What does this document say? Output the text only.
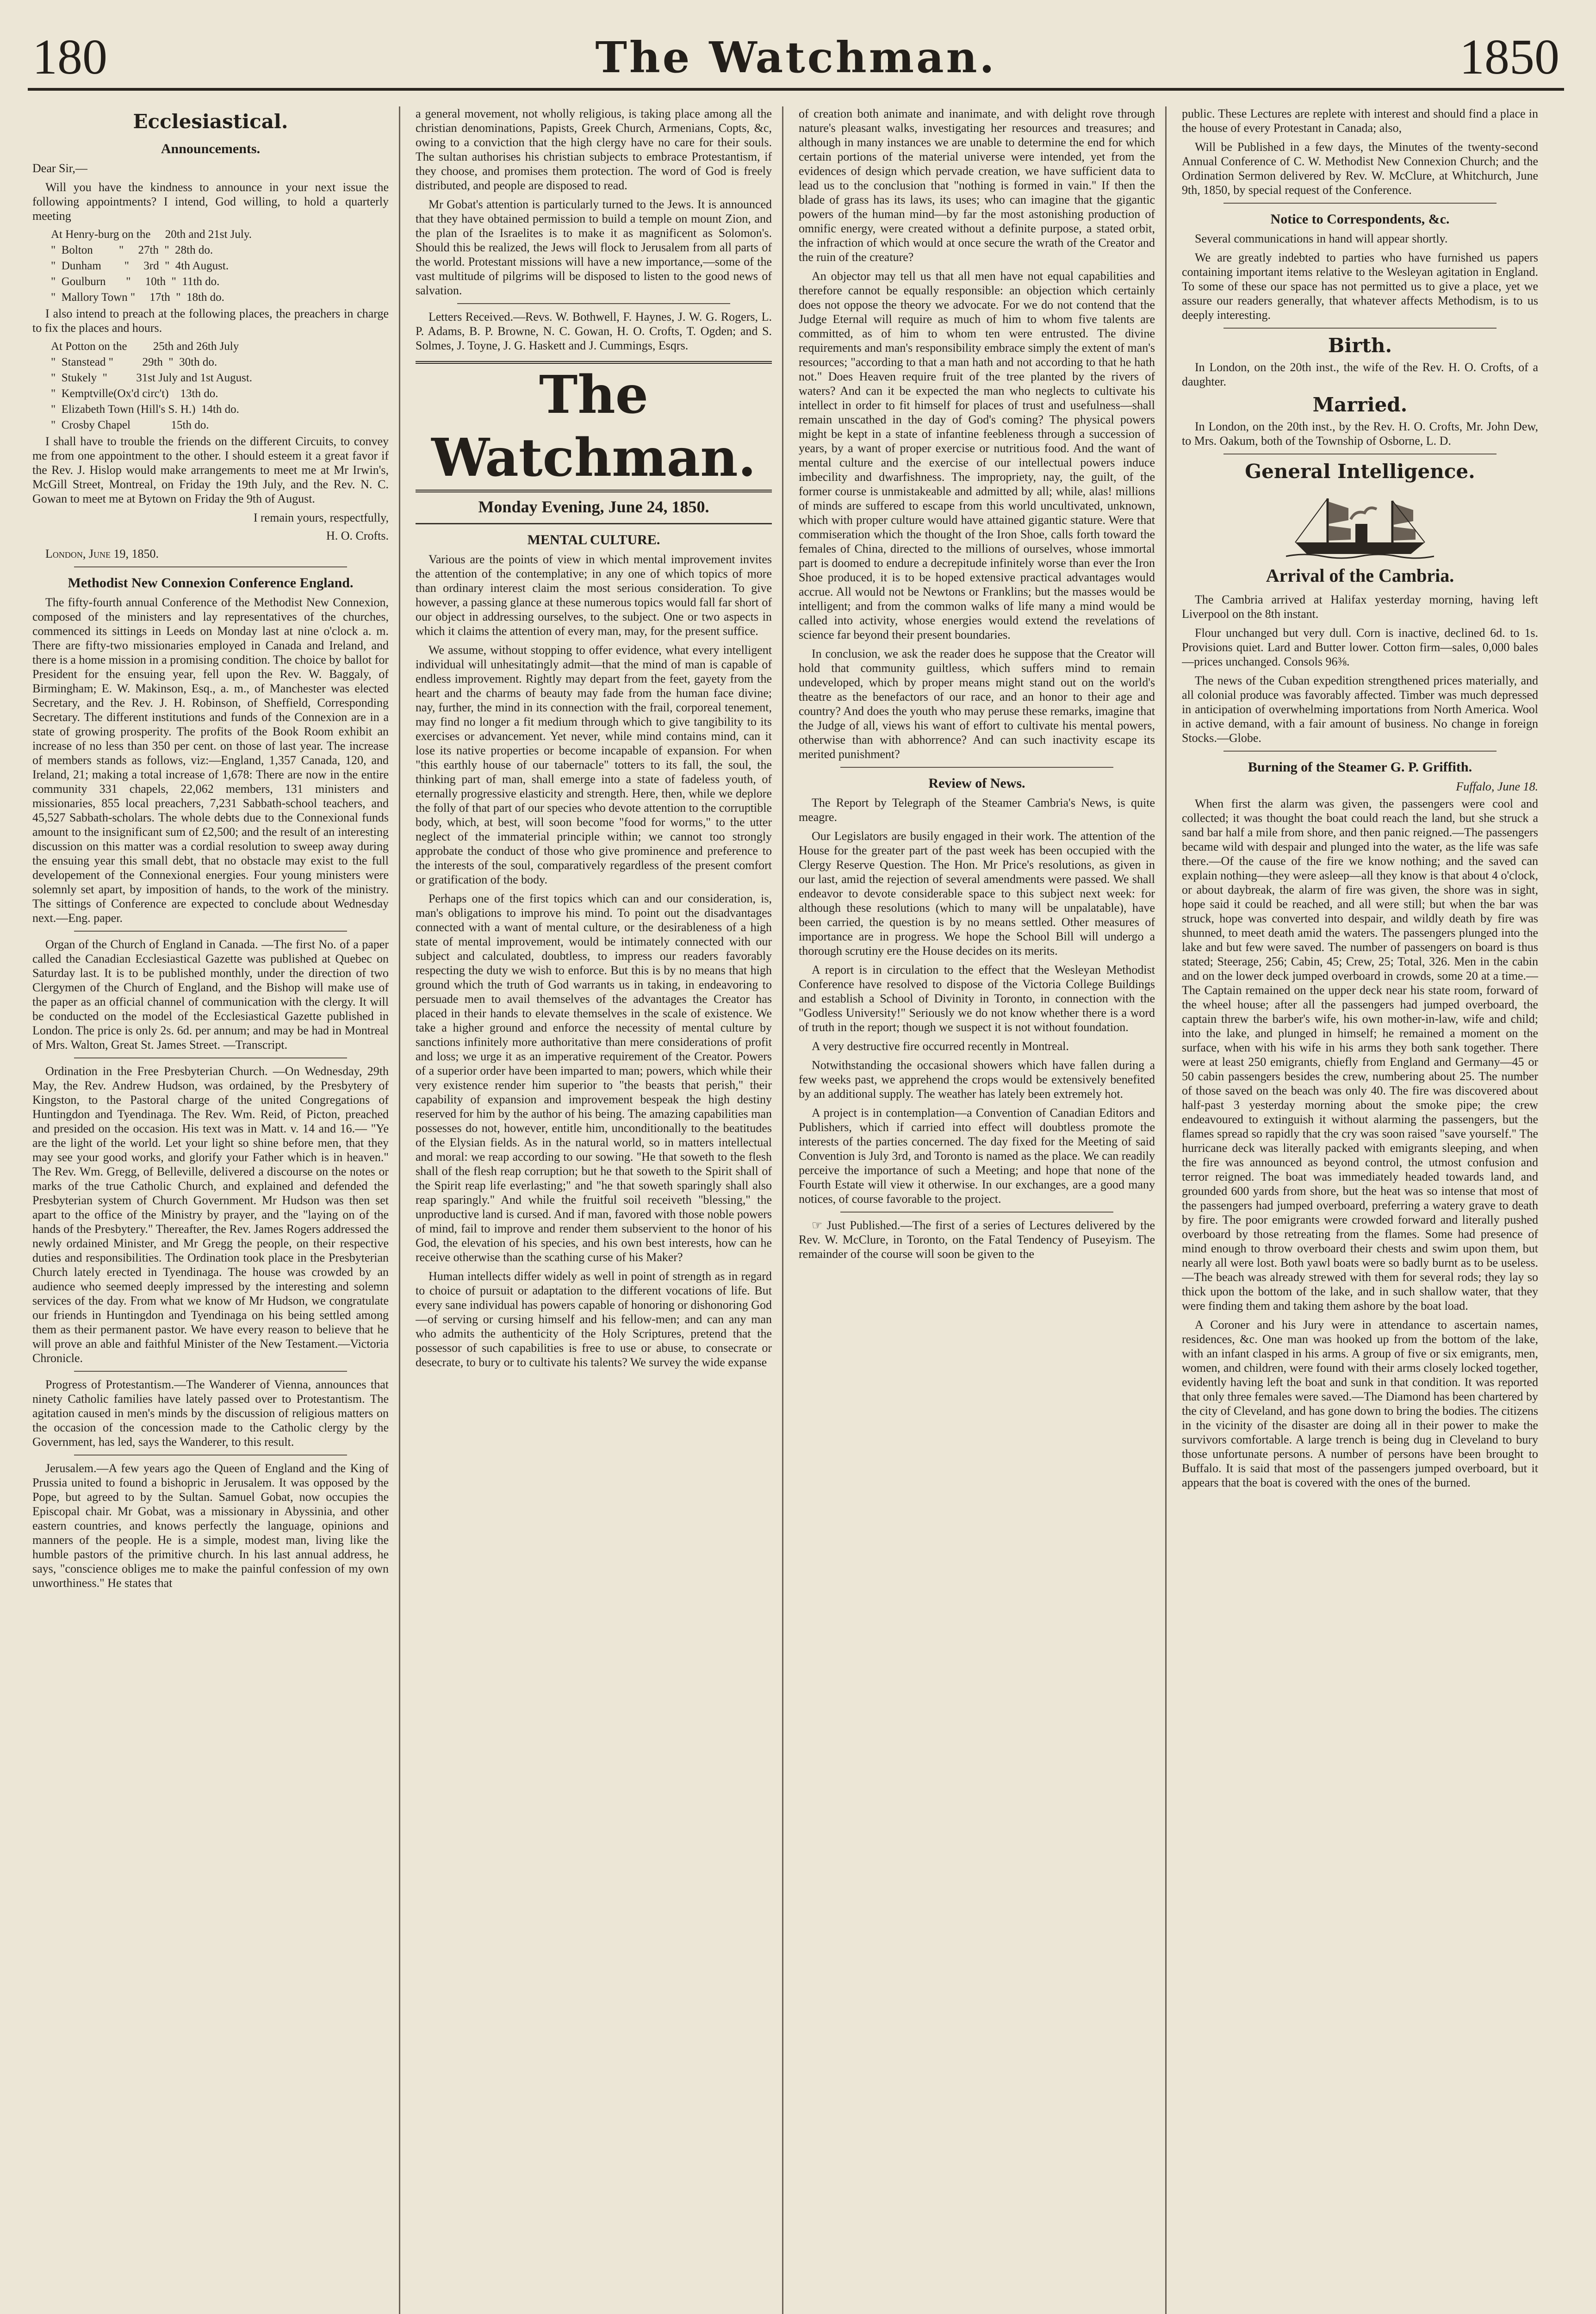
180	The Watchman.	1850
Ecclesiastical.
Announcements.

Dear Sir,—

Will you have the kindness to announce in your next issue the following appointments? I intend, God willing, to hold a quarterly meeting

At Henry-burg on the     20th and 21st July.
"  Bolton         "     27th  "  28th do.
"  Dunham        "     3rd  "  4th August.
"  Goulburn       "     10th  "  11th do.
"  Mallory Town "     17th  "  18th do.

I also intend to preach at the following places, the preachers in charge to fix the places and hours.

At Potton on the         25th and 26th July
"  Stanstead "          29th  "  30th do.
"  Stukely  "          31st July and 1st August.
"  Kemptville(Ox'd circ't)    13th do.
"  Elizabeth Town (Hill's S. H.)  14th do.
"  Crosby Chapel              15th do.

I shall have to trouble the friends on the different Circuits, to convey me from one appointment to the other. I should esteem it a great favor if the Rev. J. Hislop would make arrangements to meet me at Mr Irwin's, McGill Street, Montreal, on Friday the 19th July, and the Rev. N. C. Gowan to meet me at Bytown on Friday the 9th of August.

I remain yours, respectfully,
H. O. Crofts.

London, June 19, 1850.

Methodist New Connexion Conference England.

The fifty-fourth annual Conference of the Methodist New Connexion, composed of the ministers and lay representatives of the churches, commenced its sittings in Leeds on Monday last at nine o'clock a. m. There are fifty-two missionaries employed in Canada and Ireland, and there is a home mission in a promising condition. The choice by ballot for President for the ensuing year, fell upon the Rev. W. Baggaly, of Birmingham; E. W. Makinson, Esq., a. m., of Manchester was elected Secretary, and the Rev. J. H. Robinson, of Sheffield, Corresponding Secretary. The different institutions and funds of the Connexion are in a state of growing prosperity. The profits of the Book Room exhibit an increase of no less than 350 per cent. on those of last year. The increase of members stands as follows, viz:—England, 1,357 Canada, 120, and Ireland, 21; making a total increase of 1,678: There are now in the entire community 331 chapels, 22,062 members, 131 ministers and missionaries, 855 local preachers, 7,231 Sabbath-school teachers, and 45,527 Sabbath-scholars. The whole debts due to the Connexional funds amount to the insignificant sum of £2,500; and the result of an interesting discussion on this matter was a cordial resolution to sweep away during the ensuing year this small debt, that no obstacle may exist to the full developement of the Connexional energies. Four young ministers were solemnly set apart, by imposition of hands, to the work of the ministry. The sittings of Conference are expected to conclude about Wednesday next.—Eng. paper.

Organ of the Church of England in Canada. —The first No. of a paper called the Canadian Ecclesiastical Gazette was published at Quebec on Saturday last. It is to be published monthly, under the direction of two Clergymen of the Church of England, and the Bishop will make use of the paper as an official channel of communication with the clergy. It will be conducted on the model of the Ecclesiastical Gazette published in London. The price is only 2s. 6d. per annum; and may be had in Montreal of Mrs. Walton, Great St. James Street. —Transcript.

Ordination in the Free Presbyterian Church. —On Wednesday, 29th May, the Rev. Andrew Hudson, was ordained, by the Presbytery of Kingston, to the Pastoral charge of the united Congregations of Huntingdon and Tyendinaga. The Rev. Wm. Reid, of Picton, preached and presided on the occasion. His text was in Matt. v. 14 and 16.— "Ye are the light of the world. Let your light so shine before men, that they may see your good works, and glorify your Father which is in heaven." The Rev. Wm. Gregg, of Belleville, delivered a discourse on the notes or marks of the true Catholic Church, and explained and defended the Presbyterian system of Church Government. Mr Hudson was then set apart to the office of the Ministry by prayer, and the "laying on of the hands of the Presbytery." Thereafter, the Rev. James Rogers addressed the newly ordained Minister, and Mr Gregg the people, on their respective duties and responsibilities. The Ordination took place in the Presbyterian Church lately erected in Tyendinaga. The house was crowded by an audience who seemed deeply impressed by the interesting and solemn services of the day. From what we know of Mr Hudson, we congratulate our friends in Huntingdon and Tyendinaga on his being settled among them as their permanent pastor. We have every reason to believe that he will prove an able and faithful Minister of the New Testament.—Victoria Chronicle.

Progress of Protestantism.—The Wanderer of Vienna, announces that ninety Catholic families have lately passed over to Protestantism. The agitation caused in men's minds by the discussion of religious matters on the occasion of the concession made to the Catholic clergy by the Government, has led, says the Wanderer, to this result.

Jerusalem.—A few years ago the Queen of England and the King of Prussia united to found a bishopric in Jerusalem. It was opposed by the Pope, but agreed to by the Sultan. Samuel Gobat, now occupies the Episcopal chair. Mr Gobat, was a missionary in Abyssinia, and other eastern countries, and knows perfectly the language, opinions and manners of the people. He is a simple, modest man, living like the humble pastors of the primitive church. In his last annual address, he says, "conscience obliges me to make the painful confession of my own unworthiness." He states that

a general movement, not wholly religious, is taking place among all the christian denominations, Papists, Greek Church, Armenians, Copts, &c, owing to a conviction that the high clergy have no care for their souls. The sultan authorises his christian subjects to embrace Protestantism, if they choose, and promises them protection. The word of God is freely distributed, and people are disposed to read.

Mr Gobat's attention is particularly turned to the Jews. It is announced that they have obtained permission to build a temple on mount Zion, and the plan of the Israelites is to make it as magnificent as Solomon's. Should this be realized, the Jews will flock to Jerusalem from all parts of the world. Protestant missions will have a new importance,—some of the vast multitude of pilgrims will be disposed to listen to the good news of salvation.

Letters Received.—Revs. W. Bothwell, F. Haynes, J. W. G. Rogers, L. P. Adams, B. P. Browne, N. C. Gowan, H. O. Crofts, T. Ogden; and S. Solmes, J. Toyne, J. G. Haskett and J. Cummings, Esqrs.

The Watchman.
Monday Evening, June 24, 1850.
MENTAL CULTURE.

Various are the points of view in which mental improvement invites the attention of the contemplative; in any one of which topics of more than ordinary interest claim the most serious consideration. To give however, a passing glance at these numerous topics would fall far short of our object in addressing ourselves, to the subject. One or two aspects in which it claims the attention of every man, may, for the present suffice.

We assume, without stopping to offer evidence, what every intelligent individual will unhesitatingly admit—that the mind of man is capable of endless improvement. Rightly may depart from the feet, gayety from the heart and the charms of beauty may fade from the human face divine; nay, further, the mind in its connection with the frail, corporeal tenement, may find no longer a fit medium through which to give tangibility to its exercises or advancement. Yet never, while mind contains mind, can it lose its native properties or become incapable of expansion. For when "this earthly house of our tabernacle" totters to its fall, the soul, the thinking part of man, shall emerge into a state of fadeless youth, of eternally progressive elasticity and strength. Here, then, while we deplore the folly of that part of our species who devote attention to the corruptible body, which, at best, will soon become "food for worms," to the utter neglect of the immaterial principle within; we cannot too strongly approbate the conduct of those who give prominence and preference to the interests of the soul, comparatively regardless of the present comfort or gratification of the body.

Perhaps one of the first topics which can and our consideration, is, man's obligations to improve his mind. To point out the disadvantages connected with a want of mental culture, or the desirableness of a high state of mental improvement, would be intimately connected with our subject and calculated, doubtless, to impress our readers favorably respecting the duty we wish to enforce. But this is by no means that high ground which the truth of God warrants us in taking, in endeavoring to persuade men to avail themselves of the advantages the Creator has placed in their hands to elevate themselves in the scale of existence. We take a higher ground and enforce the necessity of mental culture by sanctions infinitely more authoritative than mere considerations of profit and loss; we urge it as an imperative requirement of the Creator. Powers of a superior order have been imparted to man; powers, which while their very existence render him superior to "the beasts that perish," their capability of expansion and improvement bespeak the high destiny reserved for him by the author of his being. The amazing capabilities man possesses do not, however, entitle him, unconditionally to the beatitudes of the Elysian fields. As in the natural world, so in matters intellectual and moral: we reap according to our sowing. "He that soweth to the flesh shall of the flesh reap corruption; but he that soweth to the Spirit shall of the Spirit reap life everlasting;" and "he that soweth sparingly shall also reap sparingly." And while the fruitful soil receiveth "blessing," the unproductive land is cursed. And if man, favored with those noble powers of mind, fail to improve and render them subservient to the honor of his God, the elevation of his species, and his own best interests, how can he receive otherwise than the scathing curse of his Maker?

Human intellects differ widely as well in point of strength as in regard to choice of pursuit or adaptation to the different vocations of life. But every sane individual has powers capable of honoring or dishonoring God—of serving or cursing himself and his fellow-men; and can any man who admits the authenticity of the Holy Scriptures, pretend that the possessor of such capabilities is free to use or abuse, to consecrate or desecrate, to bury or to cultivate his talents? We survey the wide expanse

of creation both animate and inanimate, and with delight rove through nature's pleasant walks, investigating her resources and treasures; and although in many instances we are unable to determine the end for which certain portions of the material universe were intended, yet from the evidences of design which pervade creation, we have sufficient data to lead us to the conclusion that "nothing is formed in vain." If then the blade of grass has its laws, its uses; who can imagine that the gigantic powers of the human mind—by far the most astonishing production of omnific energy, were created without a definite purpose, a stated orbit, the infraction of which would at once secure the wrath of the Creator and the ruin of the creature?

An objector may tell us that all men have not equal capabilities and therefore cannot be equally responsible: an objection which certainly does not oppose the theory we advocate. For we do not contend that the Judge Eternal will require as much of him to whom five talents are committed, as of him to whom ten were entrusted. The divine requirements and man's responsibility embrace simply the extent of man's resources; "according to that a man hath and not according to that he hath not." Does Heaven require fruit of the tree planted by the rivers of waters? And can it be expected the man who neglects to cultivate his intellect in order to fit himself for places of trust and usefulness—shall remain unscathed in the day of God's coming? The physical powers might be kept in a state of infantine feebleness through a succession of years, by a want of proper exercise or nutritious food. And the want of mental culture and the exercise of our intellectual powers induce imbecility and dwarfishness. The impropriety, nay, the guilt, of the former course is unmistakeable and admitted by all; while, alas! millions of minds are suffered to escape from this world uncultivated, unknown, which with proper culture would have attained gigantic stature. Were that commiseration which the thought of the Iron Shoe, calls forth toward the females of China, directed to the millions of ourselves, whose immortal part is doomed to endure a decrepitude infinitely worse than ever the Iron Shoe produced, it is to be hoped extensive practical advantages would accrue. All would not be Newtons or Franklins; but the masses would be intelligent; and from the common walks of life many a mind would be called into activity, whose energies would extend the revelations of science far beyond their present boundaries.

In conclusion, we ask the reader does he suppose that the Creator will hold that community guiltless, which suffers mind to remain undeveloped, which by proper means might stand out on the world's theatre as the benefactors of our race, and an honor to their age and country? And does the youth who may peruse these remarks, imagine that the Judge of all, views his want of effort to cultivate his mental powers, otherwise than with abhorrence? And can such inactivity escape its merited punishment?

Review of News.

The Report by Telegraph of the Steamer Cambria's News, is quite meagre.

Our Legislators are busily engaged in their work. The attention of the House for the greater part of the past week has been occupied with the Clergy Reserve Question. The Hon. Mr Price's resolutions, as given in our last, amid the rejection of several amendments were passed. We shall endeavor to devote considerable space to this subject next week: for although these resolutions (which to many will be unpalatable), have been carried, the question is by no means settled. Other measures of importance are in progress. We hope the School Bill will undergo a thorough scrutiny ere the House decides on its merits.

A report is in circulation to the effect that the Wesleyan Methodist Conference have resolved to dispose of the Victoria College Buildings and establish a School of Divinity in Toronto, in connection with the "Godless University!" Seriously we do not know whether there is a word of truth in the report; though we suspect it is not without foundation.

A very destructive fire occurred recently in Montreal.

Notwithstanding the occasional showers which have fallen during a few weeks past, we apprehend the crops would be extensively benefited by an additional supply. The weather has lately been extremely hot.

A project is in contemplation—a Convention of Canadian Editors and Publishers, which if carried into effect will doubtless promote the interests of the parties concerned. The day fixed for the Meeting of said Convention is July 3rd, and Toronto is named as the place. We can readily perceive the importance of such a Meeting; and hope that none of the Fourth Estate will view it otherwise. In our exchanges, are a good many notices, of course favorable to the project.

☞ Just Published.—The first of a series of Lectures delivered by the Rev. W. McClure, in Toronto, on the Fatal Tendency of Puseyism. The remainder of the course will soon be given to the

public. These Lectures are replete with interest and should find a place in the house of every Protestant in Canada; also,

Will be Published in a few days, the Minutes of the twenty-second Annual Conference of C. W. Methodist New Connexion Church; and the Ordination Sermon delivered by Rev. W. McClure, at Whitchurch, June 9th, 1850, by special request of the Conference.

Notice to Correspondents, &c.

Several communications in hand will appear shortly.

We are greatly indebted to parties who have furnished us papers containing important items relative to the Wesleyan agitation in England. To some of these our space has not permitted us to give a place, yet we assure our readers generally, that whatever affects Methodism, is to us deeply interesting.

Birth.

In London, on the 20th inst., the wife of the Rev. H. O. Crofts, of a daughter.

Married.

In London, on the 20th inst., by the Rev. H. O. Crofts, Mr. John Dew, to Mrs. Oakum, both of the Township of Osborne, L. D.

General Intelligence.
Arrival of the Cambria.

The Cambria arrived at Halifax yesterday morning, having left Liverpool on the 8th instant.

Flour unchanged but very dull. Corn is inactive, declined 6d. to 1s. Provisions quiet. Lard and Butter lower. Cotton firm—sales, 0,000 bales—prices unchanged. Consols 96⅜.

The news of the Cuban expedition strengthened prices materially, and all colonial produce was favorably affected. Timber was much depressed in anticipation of overwhelming importations from North America. Wool in active demand, with a fair amount of business. No change in foreign Stocks.—Globe.

Burning of the Steamer G. P. Griffith.
Fuffalo, June 18.

When first the alarm was given, the passengers were cool and collected; it was thought the boat could reach the land, but she struck a sand bar half a mile from shore, and then panic reigned.—The passengers became wild with despair and plunged into the water, as the life was safe there.—Of the cause of the fire we know nothing; and the saved can explain nothing—they were asleep—all they know is that about 4 o'clock, or about daybreak, the alarm of fire was given, the shore was in sight, hope said it could be reached, and all were still; but when the bar was struck, hope was converted into despair, and wildly death by fire was shunned, to meet death amid the waters. The passengers plunged into the lake and but few were saved. The number of passengers on board is thus stated; Steerage, 256; Cabin, 45; Crew, 25; Total, 326. Men in the cabin and on the lower deck jumped overboard in crowds, some 20 at a time.—The Captain remained on the upper deck near his state room, forward of the wheel house; after all the passengers had jumped overboard, the captain threw the barber's wife, his own mother-in-law, wife and child; into the lake, and plunged in himself; he remained a moment on the surface, when with his wife in his arms they both sank together. There were at least 250 emigrants, chiefly from England and Germany—45 or 50 cabin passengers besides the crew, numbering about 25. The number of those saved on the beach was only 40. The fire was discovered about half-past 3 yesterday morning about the smoke pipe; the crew endeavoured to extinguish it without alarming the passengers, but the flames spread so rapidly that the cry was soon raised "save yourself." The hurricane deck was literally packed with emigrants sleeping, and when the fire was announced as beyond control, the utmost confusion and terror reigned. The boat was immediately headed towards land, and grounded 600 yards from shore, but the heat was so intense that most of the passengers had jumped overboard, preferring a watery grave to death by fire. The poor emigrants were crowded forward and literally pushed overboard by those retreating from the flames. Some had presence of mind enough to throw overboard their chests and swim upon them, but nearly all were lost. Both yawl boats were so badly burnt as to be useless.—The beach was already strewed with them for several rods; they lay so thick upon the bottom of the lake, and in such shallow water, that they were finding them and taking them ashore by the boat load.

A Coroner and his Jury were in attendance to ascertain names, residences, &c. One man was hooked up from the bottom of the lake, with an infant clasped in his arms. A group of five or six emigrants, men, women, and children, were found with their arms closely locked together, evidently having left the boat and sunk in that condition. It was reported that only three females were saved.—The Diamond has been chartered by the city of Cleveland, and has gone down to bring the bodies. The citizens in the vicinity of the disaster are doing all in their power to make the survivors comfortable. A large trench is being dug in Cleveland to bury those unfortunate persons. A number of persons have been brought to Buffalo. It is said that most of the passengers jumped overboard, but it appears that the boat is covered with the ones of the burned.
